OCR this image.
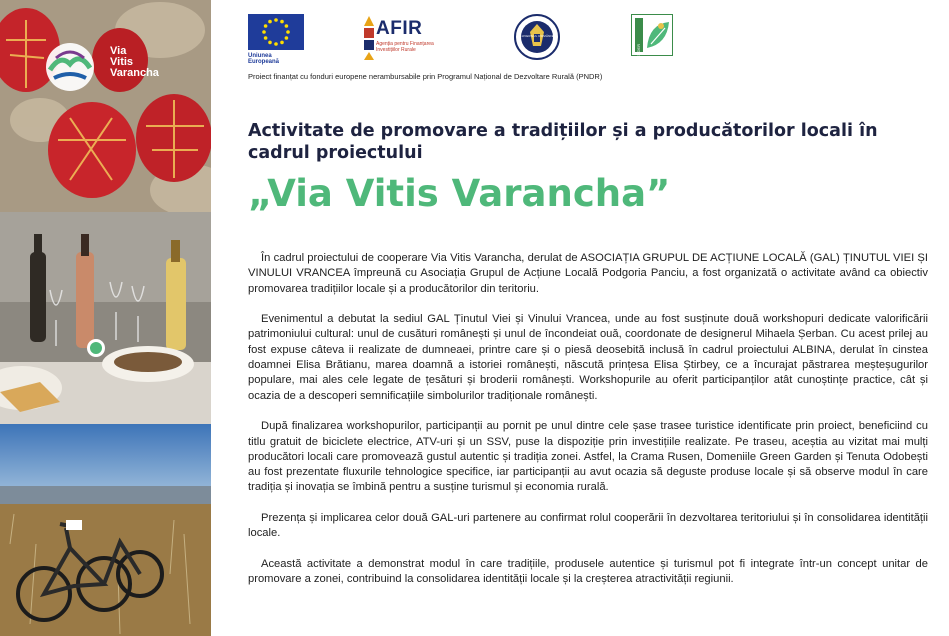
Via
Vitis
Varancha
Uniunea Europeană
AFIR
Agenția pentru Finanțarea Investițiilor Rurale
GUVERNUL ROMÂNIEI
LEADER
Proiect finanțat cu fonduri europene nerambursabile prin Programul Național de Dezvoltare Rurală (PNDR)
Activitate de promovare a tradițiilor și a producătorilor locali în cadrul proiectului
„Via Vitis Varancha”

În cadrul proiectului de cooperare Via Vitis Varancha, derulat de ASOCIAȚIA GRUPUL DE ACȚIUNE LOCALĂ (GAL) ȚINUTUL VIEI ȘI VINULUI VRANCEA împreună cu Asociația Grupul de Acțiune Locală Podgoria Panciu, a fost organizată o activitate având ca obiectiv promovarea tradițiilor locale și a producătorilor din teritoriu.

Evenimentul a debutat la sediul GAL Ținutul Viei și Vinului Vrancea, unde au fost susținute două workshopuri dedicate valorificării patrimoniului cultural: unul de cusături românești și unul de încondeiat ouă, coordonate de designerul Mihaela Șerban. Cu acest prilej au fost expuse câteva ii realizate de dumneaei, printre care și o piesă deosebită inclusă în cadrul proiectului ALBINA, derulat în cinstea doamnei Elisa Brătianu, marea doamnă a istoriei românești, născută prințesa Elisa Știrbey, ce a încurajat păstrarea meșteșugurilor populare, mai ales cele legate de țesături și broderii românești. Workshopurile au oferit participanților atât cunoștințe practice, cât și ocazia de a descoperi semnificațiile simbolurilor tradiționale românești.

După finalizarea workshopurilor, participanții au pornit pe unul dintre cele șase trasee turistice identificate prin proiect, beneficiind cu titlu gratuit de biciclete electrice, ATV-uri și un SSV, puse la dispoziție prin investițiile realizate. Pe traseu, aceștia au vizitat mai mulți producători locali care promovează gustul autentic și tradiția zonei. Astfel, la Crama Rusen, Domeniile Green Garden și Tenuta Odobești au fost prezentate fluxurile tehnologice specifice, iar participanții au avut ocazia să deguste produse locale și să observe modul în care tradiția și inovația se îmbină pentru a susține turismul și economia rurală.

Prezența și implicarea celor două GAL-uri partenere au confirmat rolul cooperării în dezvoltarea teritoriului și în consolidarea identității locale.

Această activitate a demonstrat modul în care tradițiile, produsele autentice și turismul pot fi integrate într-un concept unitar de promovare a zonei, contribuind la consolidarea identității locale și la creșterea atractivității regiunii.
